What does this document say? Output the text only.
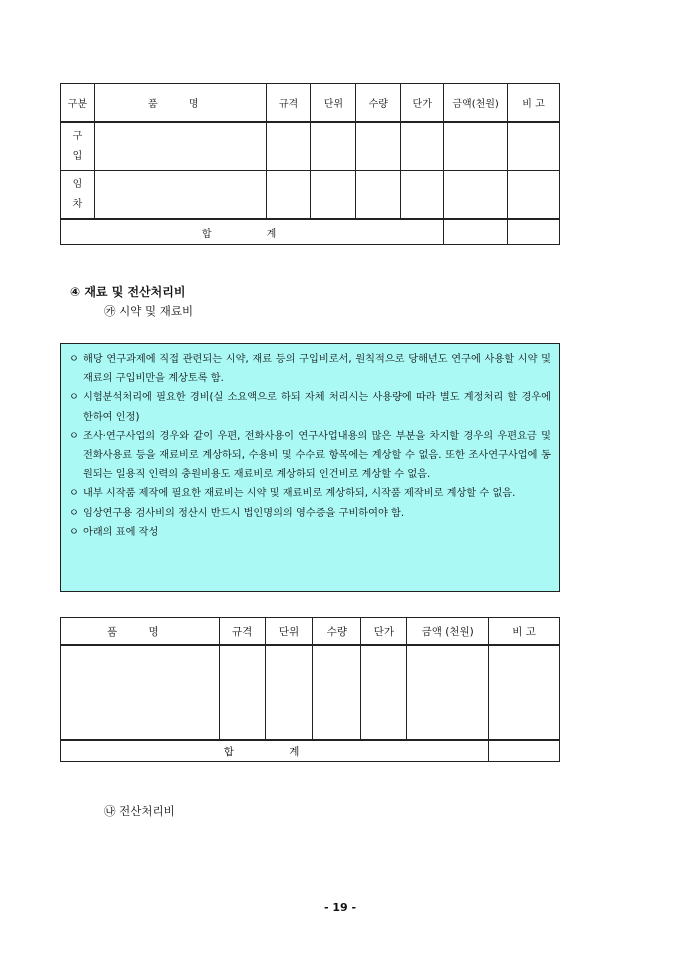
구분	품 명	규격	단위	수량	단가	금액(천원)	비 고
구입							
임차							
합 계							
④ 재료 및 전산처리비
㉮ 시약 및 재료비
ㅇ 해당 연구과제에 직접 관련되는 시약, 재료 등의 구입비로서, 원칙적으로 당해년도 연구에 사용할 시약 및 재료의 구입비만을 계상토록 함.
ㅇ 시험분석처리에 필요한 경비(실 소요액으로 하되 자체 처리시는 사용량에 따라 별도 계정처리 할 경우에 한하여 인정)
ㅇ 조사·연구사업의 경우와 같이 우편, 전화사용이 연구사업내용의 많은 부분을 차지할 경우의 우편요금 및 전화사용료 등을 재료비로 계상하되, 수용비 및 수수료 항목에는 계상할 수 없음. 또한 조사연구사업에 동원되는 일용직 인력의 충원비용도 재료비로 계상하되 인건비로 계상할 수 없음.
ㅇ 내부 시작품 제작에 필요한 재료비는 시약 및 재료비로 계상하되, 시작품 제작비로 계상할 수 없음.
ㅇ 임상연구용 검사비의 정산시 반드시 법인명의의 영수증을 구비하여야 함.
ㅇ 아래의 표에 작성
품 명	규격	단위	수량	단가	금액 (천원)	비 고

합 계						
㉯ 전산처리비
- 19 -
